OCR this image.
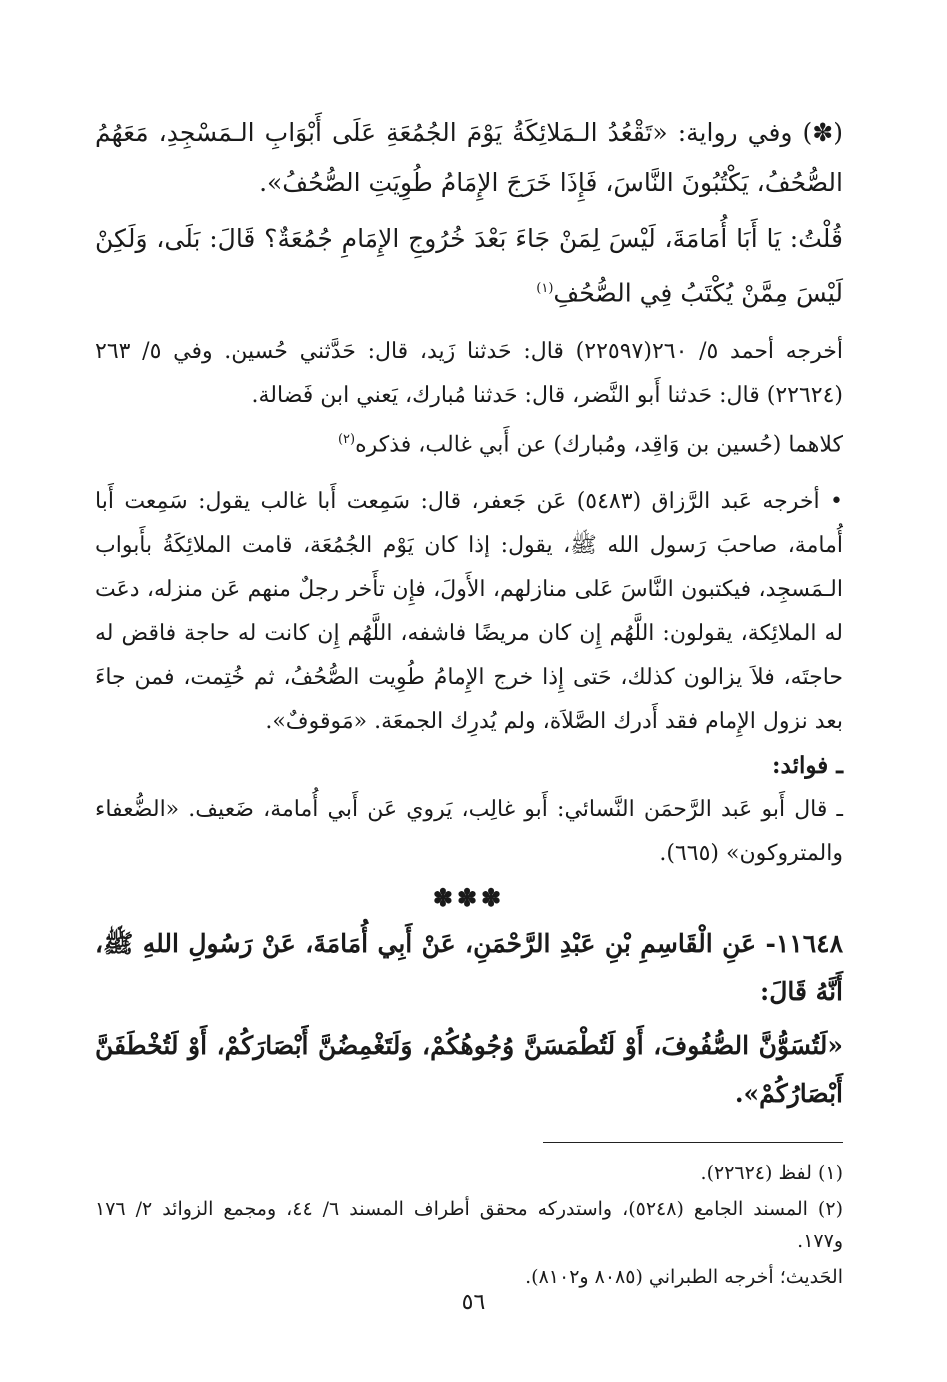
(✽) وفي رواية: «تَقْعُدُ الـمَلائِكَةُ يَوْمَ الجُمُعَةِ عَلَى أَبْوَابِ الـمَسْجِدِ، مَعَهُمُ الصُّحُفُ، يَكْتُبُونَ النَّاسَ، فَإِذَا خَرَجَ الإِمَامُ طُوِيَتِ الصُّحُفُ».

قُلْتُ: يَا أَبَا أُمَامَةَ، لَيْسَ لِمَنْ جَاءَ بَعْدَ خُرُوجِ الإِمَامِ جُمُعَةٌ؟ قَالَ: بَلَى، وَلَكِنْ لَيْسَ مِمَّنْ يُكْتَبُ فِي الصُّحُفِ$^{(١)}$

أخرجه أحمد ٥/ ٢٦٠(٢٢٥٩٧) قال: حَدثنا زَيد، قال: حَدَّثني حُسين. وفي ٥/ ٢٦٣ (٢٢٦٢٤) قال: حَدثنا أَبو النَّضر، قال: حَدثنا مُبارك، يَعني ابن فَضالة.

كلاهما (حُسين بن وَاقِد، ومُبارك) عن أَبي غالب، فذكره$^{(٢)}$

• أخرجه عَبد الرَّزاق (٥٤٨٣) عَن جَعفر، قال: سَمِعت أَبا غالب يقول: سَمِعت أَبا أُمامة، صاحبَ رَسول الله ﷺ، يقول: إذا كان يَوْم الجُمُعَة، قامت الملائِكَةُ بأَبواب الـمَسجِد، فيكتبون النَّاسَ عَلى منازلهم، الأَولَ، فإِن تأَخر رجلٌ منهم عَن منزله، دعَت له الملائِكة، يقولون: اللَّهُم إِن كان مريضًا فاشفه، اللَّهُم إِن كانت له حاجة فاقض له حاجتَه، فلاَ يزالون كذلك، حَتى إِذا خرج الإِمامُ طُوِيت الصُّحُفُ، ثم خُتِمت، فمن جاءَ بعد نزول الإِمام فقد أَدرك الصَّلاَة، ولم يُدرِك الجمعَة. «مَوقوفٌ».

ـ فوائد:

ـ قال أَبو عَبد الرَّحمَن النَّسائي: أَبو غالِب، يَروي عَن أَبي أُمامة، ضَعيف. «الضُّعفاء والمتروكون» (٦٦٥).

✽✽✽

١١٦٤٨- عَنِ الْقَاسِمِ بْنِ عَبْدِ الرَّحْمَنِ، عَنْ أَبِي أُمَامَةَ، عَنْ رَسُولِ اللهِ ﷺ، أَنَّهُ قَالَ:

«لَتُسَوُّنَّ الصُّفُوفَ، أَوْ لَتُطْمَسَنَّ وُجُوهُكُمْ، وَلَتَغْمِضُنَّ أَبْصَارَكُمْ، أَوْ لَتُخْطَفَنَّ أَبْصَارُكُمْ».

(١) لفظ (٢٢٦٢٤).

(٢) المسند الجامع (٥٢٤٨)، واستدركه محقق أطراف المسند ٦/ ٤٤، ومجمع الزوائد ٢/ ١٧٦ و١٧٧.

الحَديث؛ أخرجه الطبراني (٨٠٨٥ و٨١٠٢).

٥٦
